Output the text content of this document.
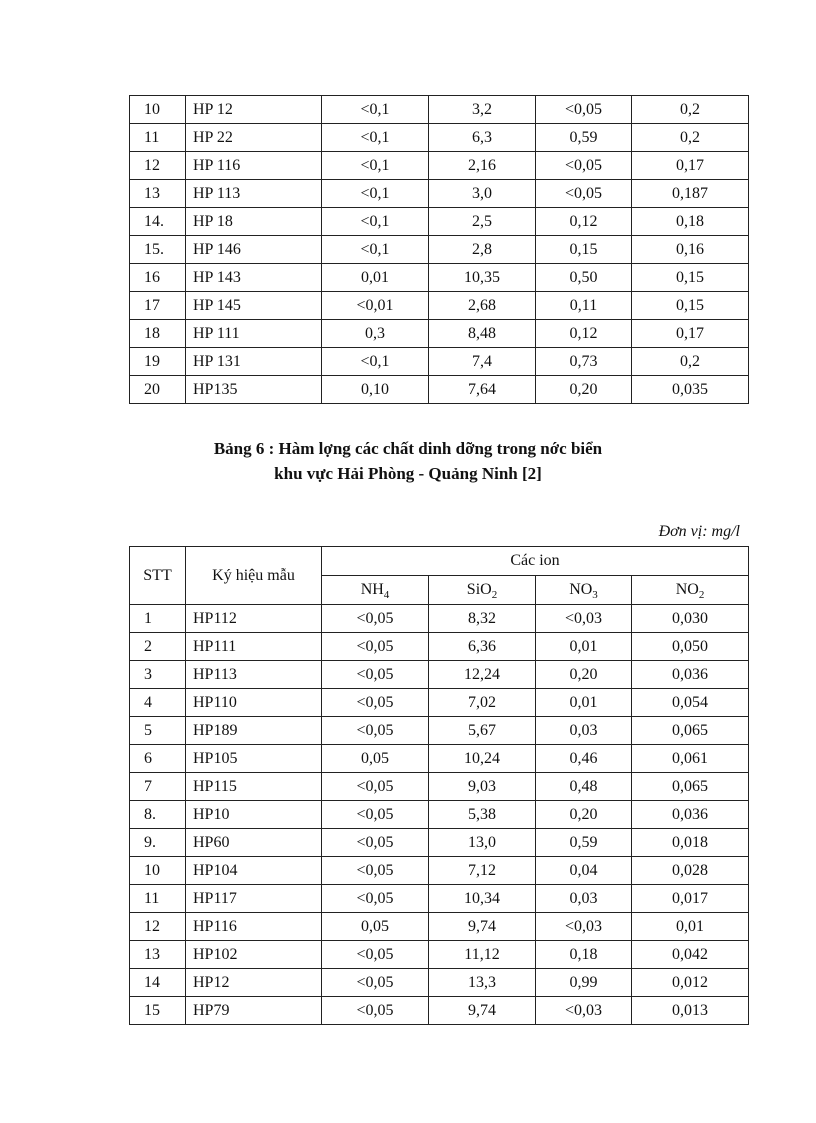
10	HP 12	<0,1	3,2	<0,05	0,2
11	HP 22	<0,1	6,3	0,59	0,2
12	HP 116	<0,1	2,16	<0,05	0,17
13	HP 113	<0,1	3,0	<0,05	0,187
14.	HP 18	<0,1	2,5	0,12	0,18
15.	HP 146	<0,1	2,8	0,15	0,16
16	HP 143	0,01	10,35	0,50	0,15
17	HP 145	<0,01	2,68	0,11	0,15
18	HP 111	0,3	8,48	0,12	0,17
19	HP 131	<0,1	7,4	0,73	0,2
20	HP135	0,10	7,64	0,20	0,035
Bảng 6 : Hàm lợng các chất dinh dỡng trong nớc biển
khu vực Hải Phòng - Quảng Ninh [2]
Đơn vị: mg/l
STT	Ký hiệu mẫu	Các ion			
		$NH_4$	SiO$_2$	$NO_3$	$NO_2$
1	HP112	<0,05	8,32	<0,03	0,030
2	HP111	<0,05	6,36	0,01	0,050
3	HP113	<0,05	12,24	0,20	0,036
4	HP110	<0,05	7,02	0,01	0,054
5	HP189	<0,05	5,67	0,03	0,065
6	HP105	0,05	10,24	0,46	0,061
7	HP115	<0,05	9,03	0,48	0,065
8.	HP10	<0,05	5,38	0,20	0,036
9.	HP60	<0,05	13,0	0,59	0,018
10	HP104	<0,05	7,12	0,04	0,028
11	HP117	<0,05	10,34	0,03	0,017
12	HP116	0,05	9,74	<0,03	0,01
13	HP102	<0,05	11,12	0,18	0,042
14	HP12	<0,05	13,3	0,99	0,012
15	HP79	<0,05	9,74	<0,03	0,013
